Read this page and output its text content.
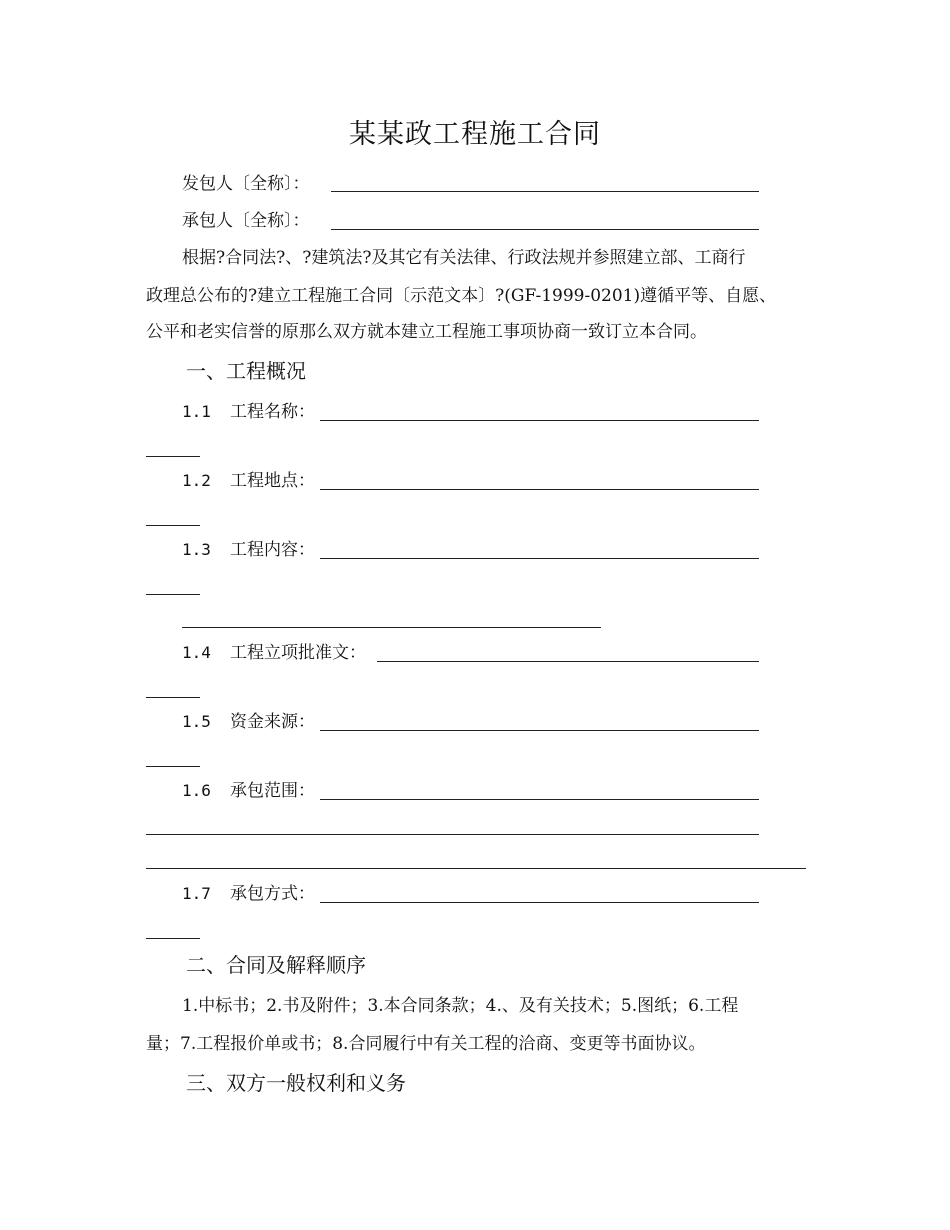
某某政工程施工合同
发包人〔全称〕：
承包人〔全称〕：
根据?合同法?、?建筑法?及其它有关法律、行政法规并参照建立部、工商行
政理总公布的?建立工程施工合同〔示范文本〕?(GF-1999-0201)遵循平等、自愿、
公平和老实信誉的原那么双方就本建立工程施工事项协商一致订立本合同。
一、工程概况
1.1 工程名称：
1.2 工程地点：
1.3 工程内容：
1.4 工程立项批准文：
1.5 资金来源：
1.6 承包范围：
1.7 承包方式：
二、合同及解释顺序
1.中标书；2.书及附件；3.本合同条款；4.、及有关技术；5.图纸；6.工程
量；7.工程报价单或书；8.合同履行中有关工程的洽商、变更等书面协议。
三、双方一般权利和义务
